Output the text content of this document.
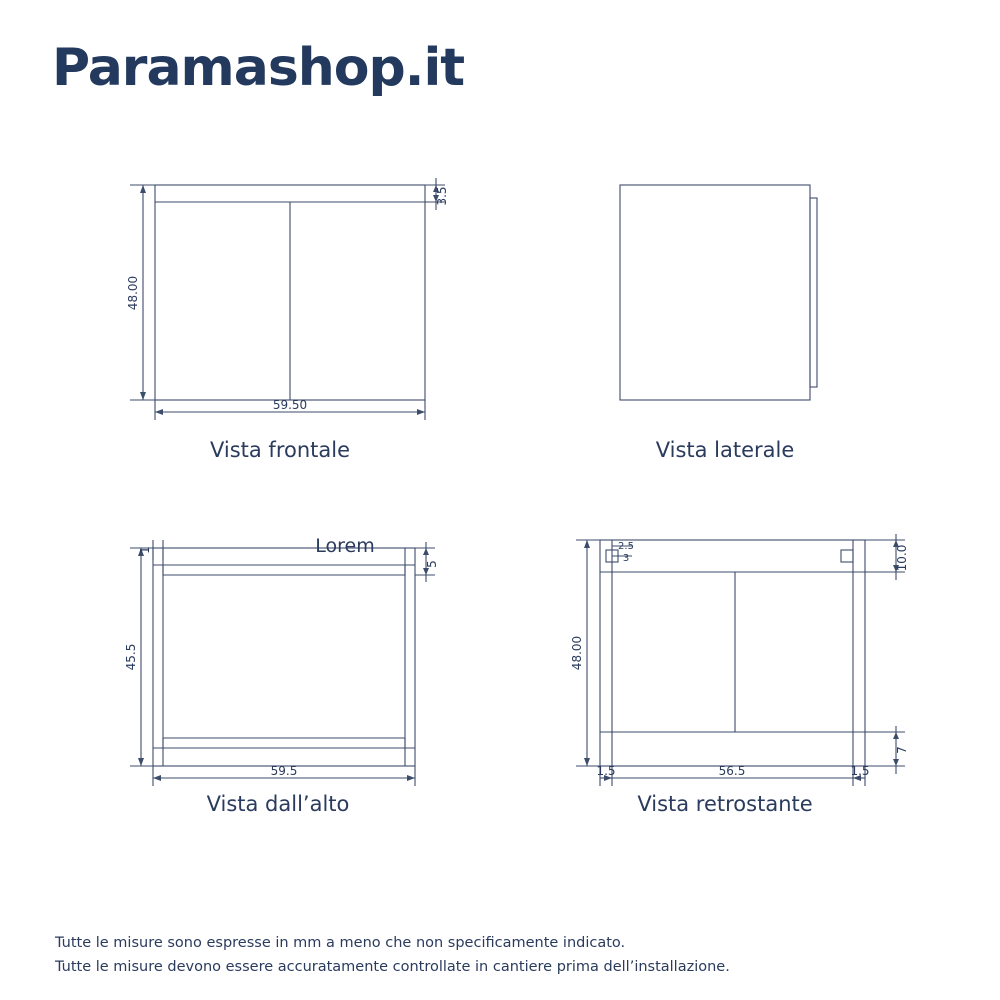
Paramashop.it
48.00
59.50
3.5
Vista frontale	Vista laterale
45.5
59.5
1
5
Lorem
Vista dall’alto
48.00
10.0
7
1.5	56.5	1.5
2.5
3
Vista retrostante
Tutte le misure sono espresse in mm a meno che non specificamente indicato.
Tutte le misure devono essere accuratamente controllate in cantiere prima dell’installazione.
